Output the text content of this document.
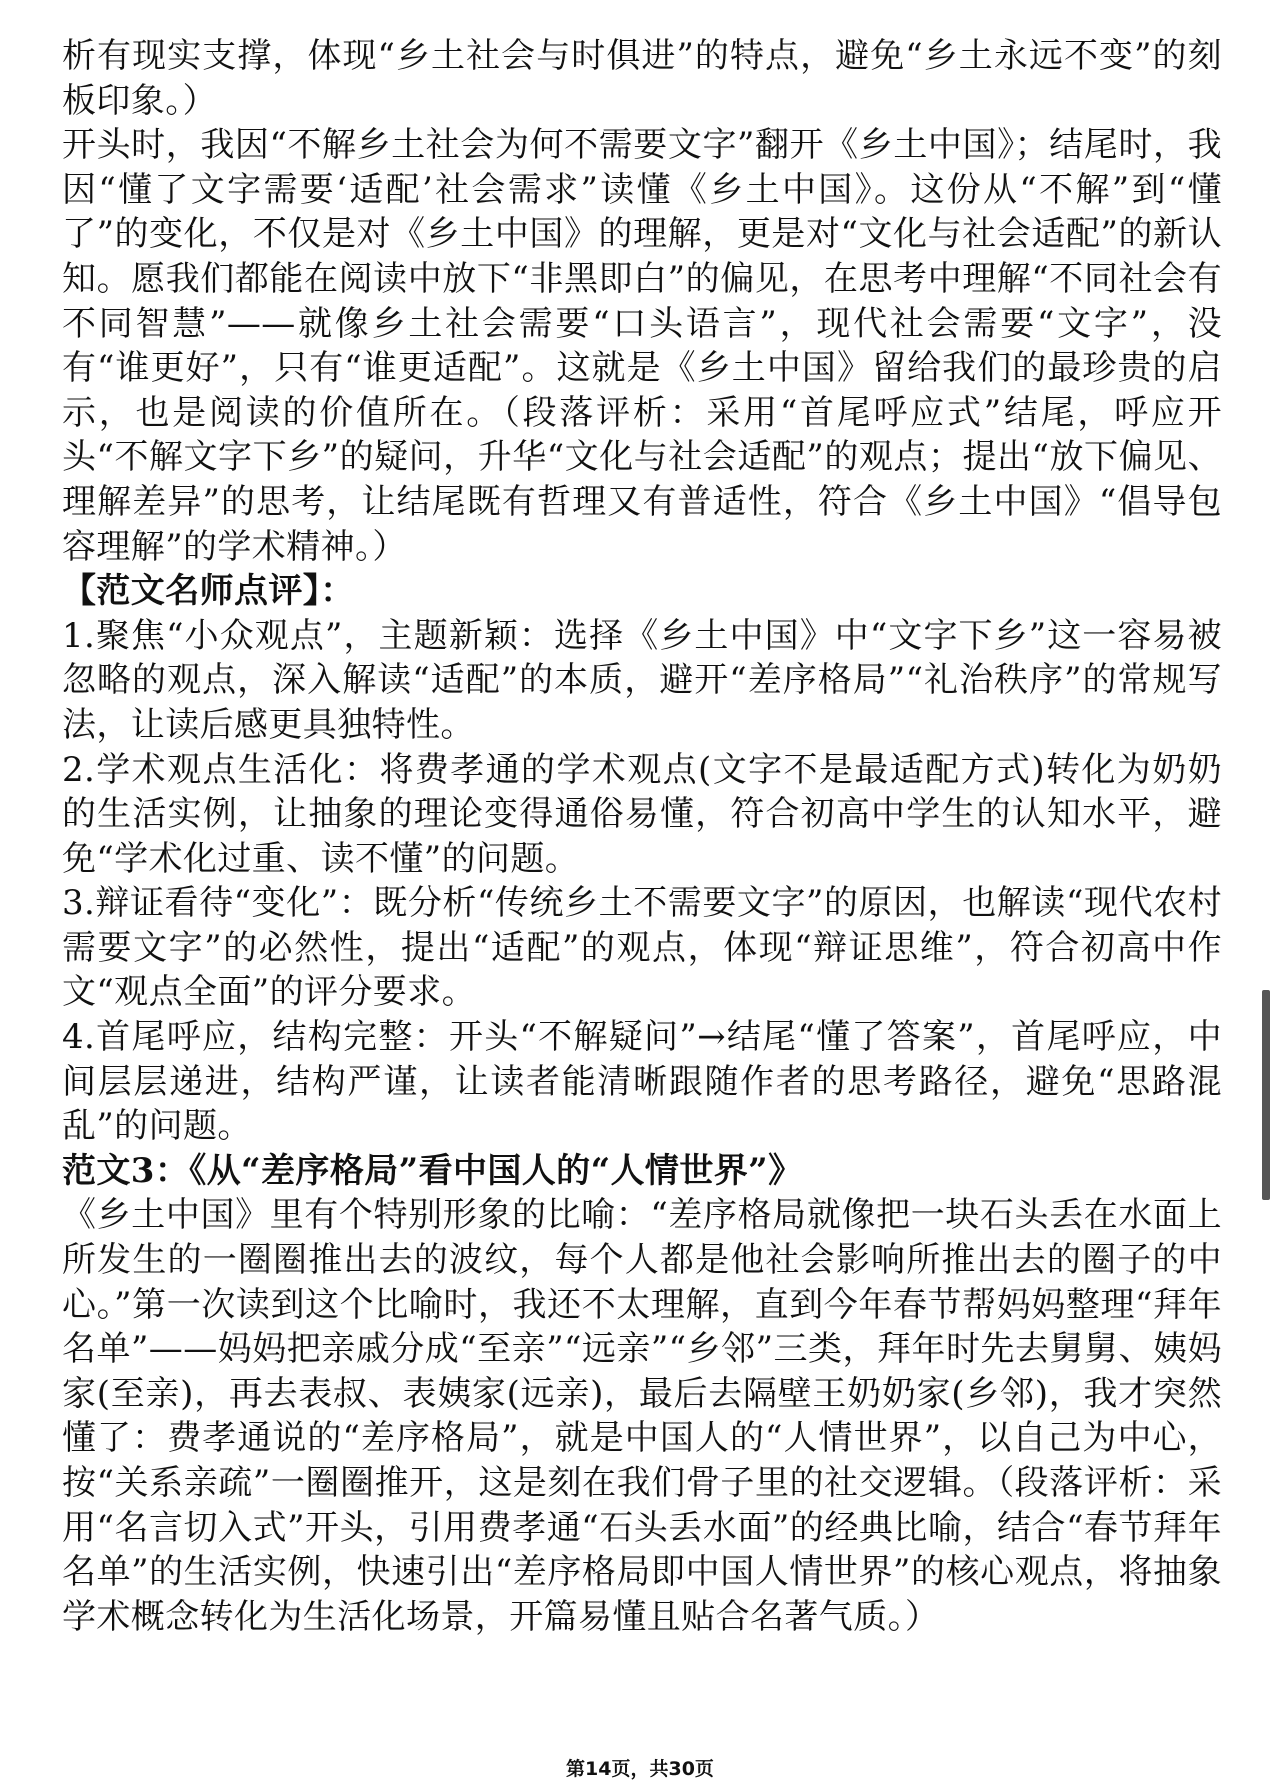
析有现实支撑，体现“乡土社会与时俱进”的特点，避免“乡土永远不变”的刻板印象。）

开头时，我因“不解乡土社会为何不需要文字”翻开《乡土中国》；结尾时，我因“懂了文字需要‘适配’社会需求”读懂《乡土中国》。这份从“不解”到“懂了”的变化，不仅是对《乡土中国》的理解，更是对“文化与社会适配”的新认知。愿我们都能在阅读中放下“非黑即白”的偏见，在思考中理解“不同社会有不同智慧”——就像乡土社会需要“口头语言”，现代社会需要“文字”，没有“谁更好”，只有“谁更适配”。这就是《乡土中国》留给我们的最珍贵的启示，也是阅读的价值所在。（段落评析：采用“首尾呼应式”结尾，呼应开头“不解文字下乡”的疑问，升华“文化与社会适配”的观点；提出“放下偏见、理解差异”的思考，让结尾既有哲理又有普适性，符合《乡土中国》“倡导包容理解”的学术精神。）

【范文名师点评】：

1.聚焦“小众观点”，主题新颖：选择《乡土中国》中“文字下乡”这一容易被忽略的观点，深入解读“适配”的本质，避开“差序格局”“礼治秩序”的常规写法，让读后感更具独特性。

2.学术观点生活化：将费孝通的学术观点(文字不是最适配方式)转化为奶奶的生活实例，让抽象的理论变得通俗易懂，符合初高中学生的认知水平，避免“学术化过重、读不懂”的问题。

3.辩证看待“变化”：既分析“传统乡土不需要文字”的原因，也解读“现代农村需要文字”的必然性，提出“适配”的观点，体现“辩证思维”，符合初高中作文“观点全面”的评分要求。

4.首尾呼应，结构完整：开头“不解疑问”→结尾“懂了答案”，首尾呼应，中间层层递进，结构严谨，让读者能清晰跟随作者的思考路径，避免“思路混乱”的问题。

范文3：《从“差序格局”看中国人的“人情世界”》

《乡土中国》里有个特别形象的比喻：“差序格局就像把一块石头丢在水面上所发生的一圈圈推出去的波纹，每个人都是他社会影响所推出去的圈子的中心。”第一次读到这个比喻时，我还不太理解，直到今年春节帮妈妈整理“拜年名单”——妈妈把亲戚分成“至亲”“远亲”“乡邻”三类，拜年时先去舅舅、姨妈家(至亲)，再去表叔、表姨家(远亲)，最后去隔壁王奶奶家(乡邻)，我才突然懂了：费孝通说的“差序格局”，就是中国人的“人情世界”，以自己为中心，按“关系亲疏”一圈圈推开，这是刻在我们骨子里的社交逻辑。（段落评析：采用“名言切入式”开头，引用费孝通“石头丢水面”的经典比喻，结合“春节拜年名单”的生活实例，快速引出“差序格局即中国人情世界”的核心观点，将抽象学术概念转化为生活化场景，开篇易懂且贴合名著气质。）

第14页，共30页
